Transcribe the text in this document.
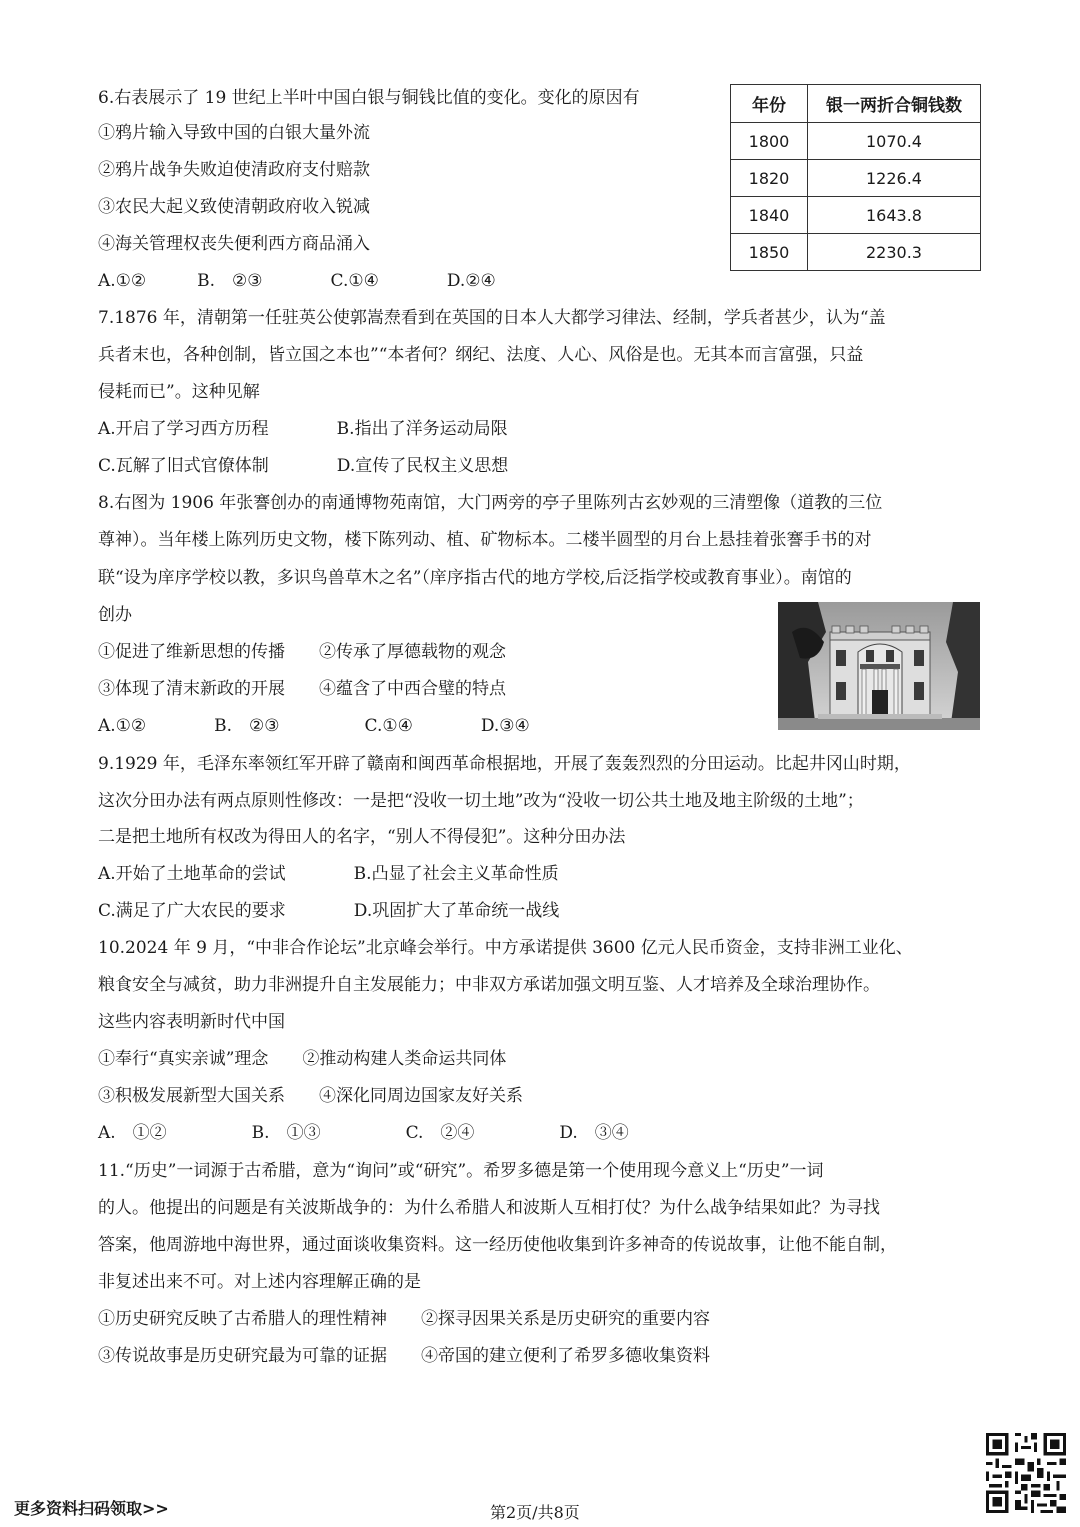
6.右表展示了 19 世纪上半叶中国白银与铜钱比值的变化。变化的原因有
①鸦片输入导致中国的白银大量外流
②鸦片战争失败迫使清政府支付赔款
③农民大起义致使清朝政府收入锐减
④海关管理权丧失便利西方商品涌入
A.①②　　　B.　②③　　　　C.①④　　　　D.②④
年份	银一两折合铜钱数
1800	1070.4
1820	1226.4
1840	1643.8
1850	2230.3
7.1876 年，清朝第一任驻英公使郭嵩焘看到在英国的日本人大都学习律法、经制，学兵者甚少，认为“盖
兵者末也，各种创制，皆立国之本也”“本者何？纲纪、法度、人心、风俗是也。无其本而言富强，只益
侵耗而已”。这种见解
A.开启了学习西方历程　　　　B.指出了洋务运动局限
C.瓦解了旧式官僚体制　　　　D.宣传了民权主义思想
8.右图为 1906 年张謇创办的南通博物苑南馆，大门两旁的亭子里陈列古玄妙观的三清塑像（道教的三位
尊神）。当年楼上陈列历史文物，楼下陈列动、植、矿物标本。二楼半圆型的月台上悬挂着张謇手书的对
联“设为庠序学校以教，多识鸟兽草木之名”（庠序指古代的地方学校,后泛指学校或教育事业）。南馆的
创办
①促进了维新思想的传播　　②传承了厚德载物的观念
③体现了清末新政的开展　　④蕴含了中西合璧的特点
A.①②　　　　B.　②③　　　　　C.①④　　　　D.③④
9.1929 年，毛泽东率领红军开辟了赣南和闽西革命根据地，开展了轰轰烈烈的分田运动。比起井冈山时期，
这次分田办法有两点原则性修改：一是把“没收一切土地”改为“没收一切公共土地及地主阶级的土地”；
二是把土地所有权改为得田人的名字，“别人不得侵犯”。这种分田办法
A.开始了土地革命的尝试　　　　B.凸显了社会主义革命性质
C.满足了广大农民的要求　　　　D.巩固扩大了革命统一战线
10.2024 年 9 月，“中非合作论坛”北京峰会举行。中方承诺提供 3600 亿元人民币资金，支持非洲工业化、
粮食安全与减贫，助力非洲提升自主发展能力；中非双方承诺加强文明互鉴、人才培养及全球治理协作。
这些内容表明新时代中国
①奉行“真实亲诚”理念　　②推动构建人类命运共同体
③积极发展新型大国关系　　④深化同周边国家友好关系
A.　①②　　　　　B.　①③　　　　　C.　②④　　　　　D.　③④
11.“历史”一词源于古希腊，意为“询问”或“研究”。希罗多德是第一个使用现今意义上“历史”一词
的人。他提出的问题是有关波斯战争的：为什么希腊人和波斯人互相打仗？为什么战争结果如此？为寻找
答案，他周游地中海世界，通过面谈收集资料。这一经历使他收集到许多神奇的传说故事，让他不能自制，
非复述出来不可。对上述内容理解正确的是
①历史研究反映了古希腊人的理性精神　　②探寻因果关系是历史研究的重要内容
③传说故事是历史研究最为可靠的证据　　④帝国的建立便利了希罗多德收集资料
更多资料扫码领取>>	第2页/共8页
